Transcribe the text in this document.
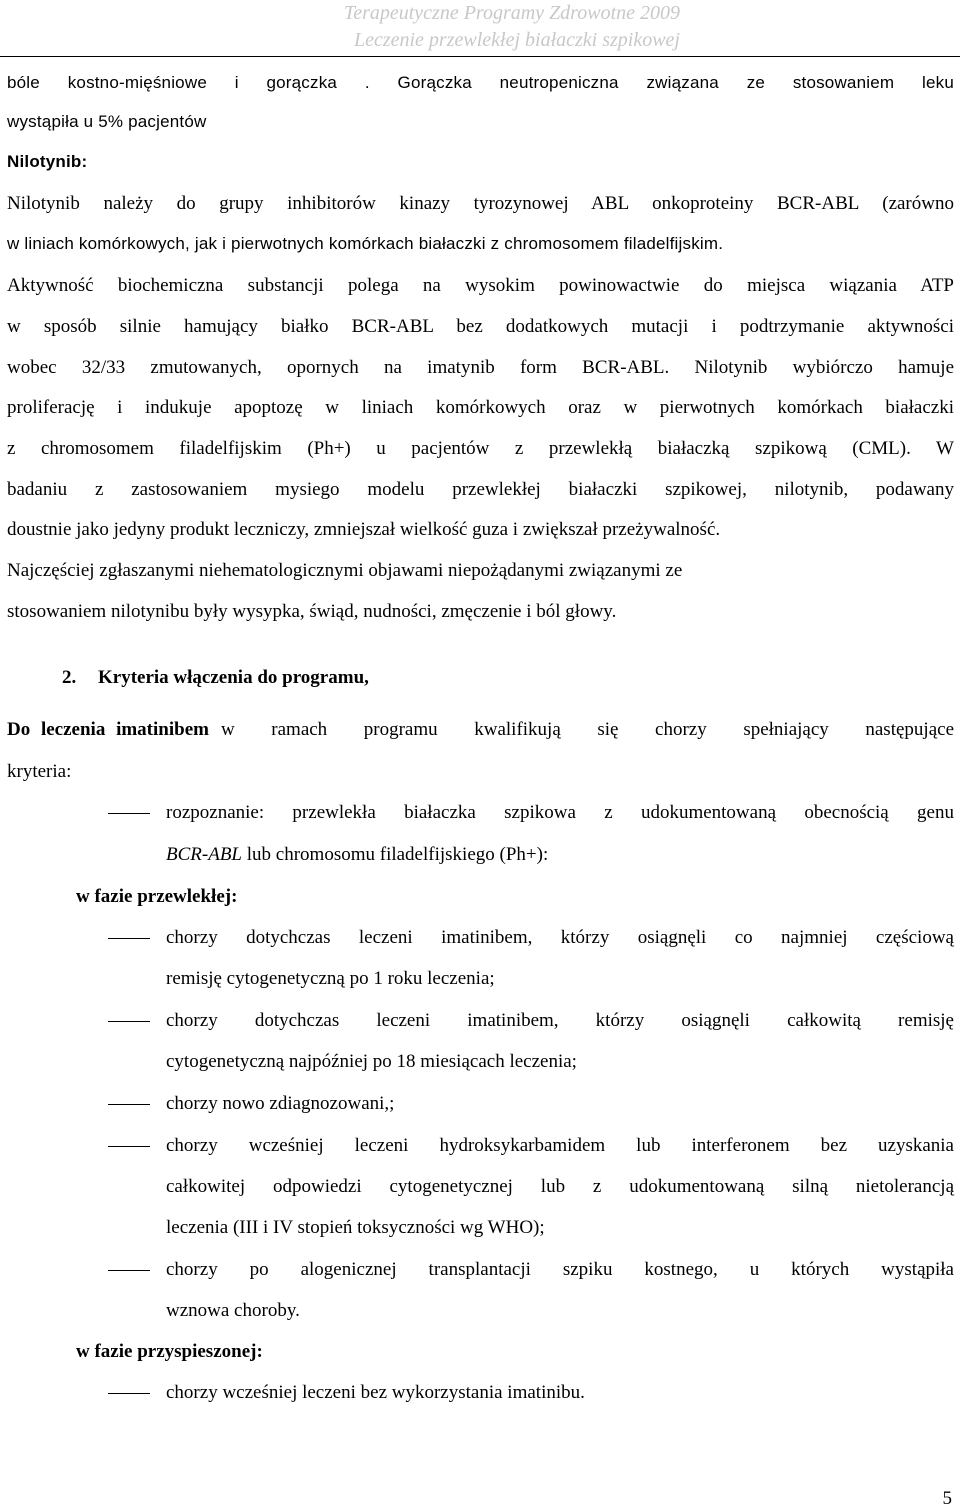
Terapeutyczne Programy Zdrowotne 2009
Leczenie przewlekłej białaczki szpikowej
bóle kostno-mięśniowe i gorączka . Gorączka neutropeniczna związana ze stosowaniem leku
wystąpiła u 5% pacjentów
Nilotynib:
Nilotynib należy do grupy inhibitorów kinazy tyrozynowej ABL onkoproteiny BCR-ABL (zarówno
w liniach komórkowych, jak i pierwotnych komórkach białaczki z chromosomem filadelfijskim.
Aktywność biochemiczna substancji polega na wysokim powinowactwie do miejsca wiązania ATP
w sposób silnie hamujący białko BCR-ABL bez dodatkowych mutacji i podtrzymanie aktywności
wobec 32/33 zmutowanych, opornych na imatynib form BCR-ABL. Nilotynib wybiórczo hamuje
proliferację i indukuje apoptozę w liniach komórkowych oraz w pierwotnych komórkach białaczki
z chromosomem filadelfijskim (Ph+) u pacjentów z przewlekłą białaczką szpikową (CML). W
badaniu z zastosowaniem mysiego modelu przewlekłej białaczki szpikowej, nilotynib, podawany
doustnie jako jedyny produkt leczniczy, zmniejszał wielkość guza i zwiększał przeżywalność.
Najczęściej zgłaszanymi niehematologicznymi objawami niepożądanymi związanymi ze
stosowaniem nilotynibu były wysypka, świąd, nudności, zmęczenie i ból głowy.
2.	Kryteria włączenia do programu,
Do leczenia imatinibem w ramach programu kwalifikują się chorzy spełniający następujące
kryteria:
rozpoznanie: przewlekła białaczka szpikowa z udokumentowaną obecnością genu
BCR-ABL lub chromosomu filadelfijskiego (Ph+):
w fazie przewlekłej:
chorzy dotychczas leczeni imatinibem, którzy osiągnęli co najmniej częściową
remisję cytogenetyczną po 1 roku leczenia;
chorzy dotychczas leczeni imatinibem, którzy osiągnęli całkowitą remisję
cytogenetyczną najpóźniej po 18 miesiącach leczenia;
chorzy nowo zdiagnozowani,;
chorzy wcześniej leczeni hydroksykarbamidem lub interferonem bez uzyskania
całkowitej odpowiedzi cytogenetycznej lub z udokumentowaną silną nietolerancją
leczenia (III i IV stopień toksyczności wg WHO);
chorzy po alogenicznej transplantacji szpiku kostnego, u których wystąpiła
wznowa choroby.
w fazie przyspieszonej:
chorzy wcześniej leczeni bez wykorzystania imatinibu.
5
